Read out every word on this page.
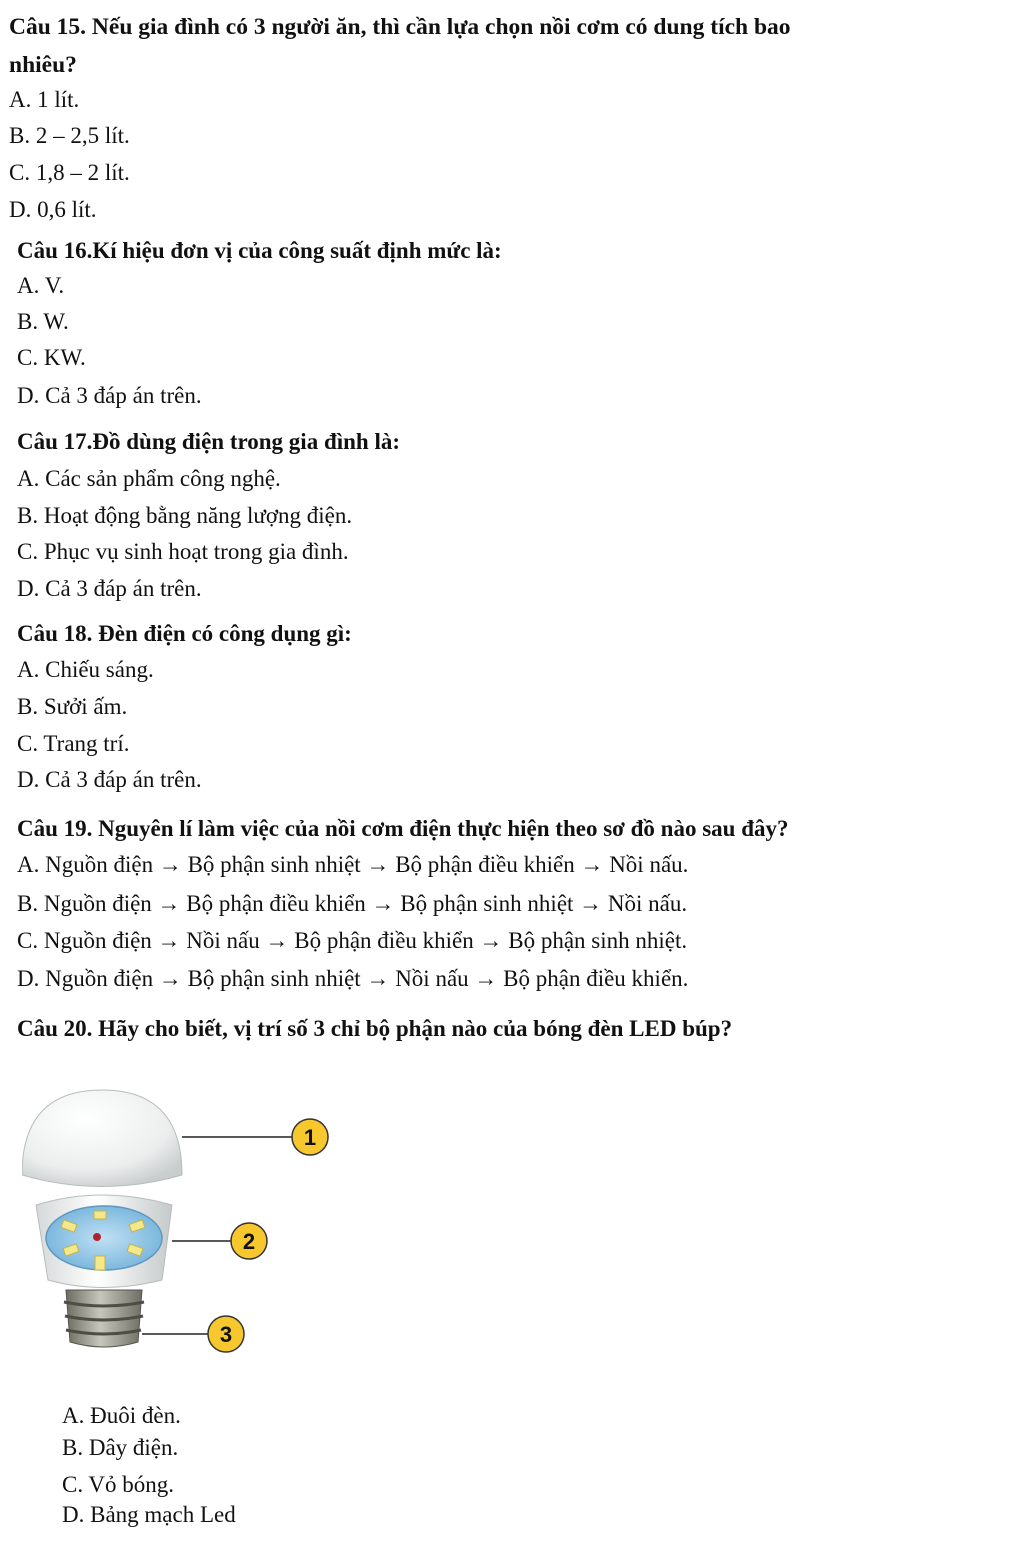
Câu 15. Nếu gia đình có 3 người ăn, thì cần lựa chọn nồi cơm có dung tích bao
nhiêu?
A. 1 lít.
B. 2 – 2,5 lít.
C. 1,8 – 2 lít.
D. 0,6 lít.
Câu 16.Kí hiệu đơn vị của công suất định mức là:
A. V.
B. W.
C. KW.
D. Cả 3 đáp án trên.
Câu 17.Đồ dùng điện trong gia đình là:
A. Các sản phẩm công nghệ.
B. Hoạt động bằng năng lượng điện.
C. Phục vụ sinh hoạt trong gia đình.
D. Cả 3 đáp án trên.
Câu 18. Đèn điện có công dụng gì:
A. Chiếu sáng.
B. Sưởi ấm.
C. Trang trí.
D. Cả 3 đáp án trên.
Câu 19. Nguyên lí làm việc của nồi cơm điện thực hiện theo sơ đồ nào sau đây?
A. Nguồn điện → Bộ phận sinh nhiệt → Bộ phận điều khiển → Nồi nấu.
B. Nguồn điện → Bộ phận điều khiển → Bộ phận sinh nhiệt → Nồi nấu.
C. Nguồn điện → Nồi nấu → Bộ phận điều khiển → Bộ phận sinh nhiệt.
D. Nguồn điện → Bộ phận sinh nhiệt → Nồi nấu → Bộ phận điều khiển.
Câu 20. Hãy cho biết, vị trí số 3 chỉ bộ phận nào của bóng đèn LED búp?
1
2
3
A. Đuôi đèn.
B. Dây điện.
C. Vỏ bóng.
D. Bảng mạch Led
